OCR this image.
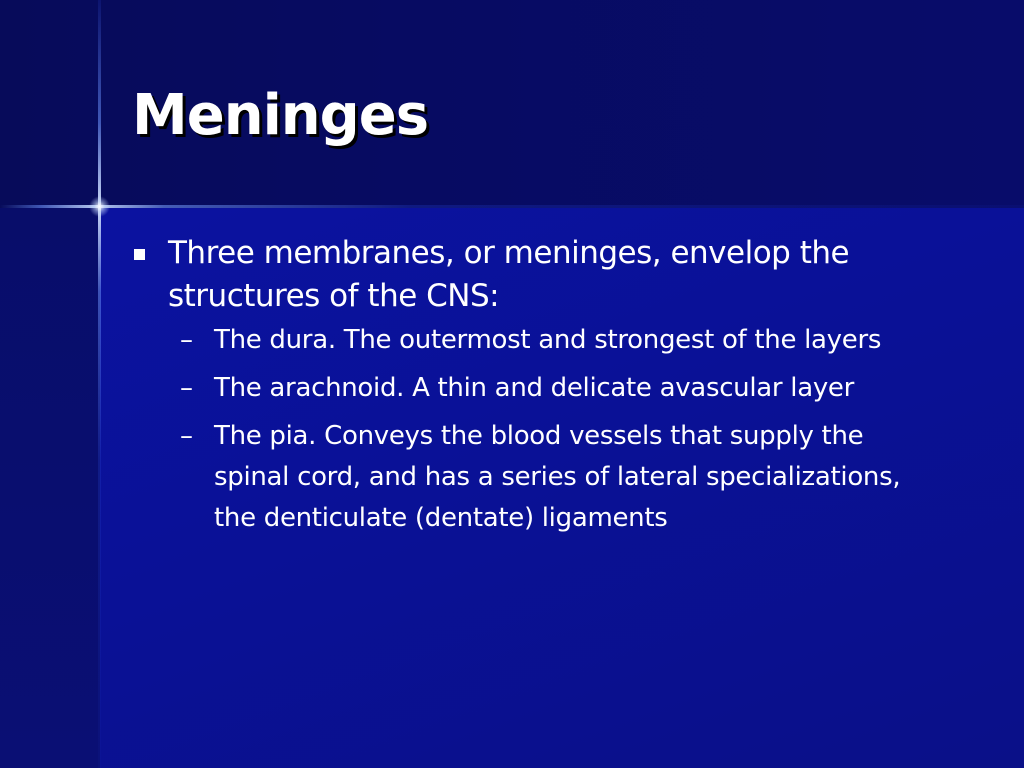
Meninges
Three membranes, or meninges, envelop the structures of the CNS:
– The dura. The outermost and strongest of the layers
– The arachnoid. A thin and delicate avascular layer
– The pia. Conveys the blood vessels that supply the spinal cord, and has a series of lateral specializations, the denticulate (dentate) ligaments
